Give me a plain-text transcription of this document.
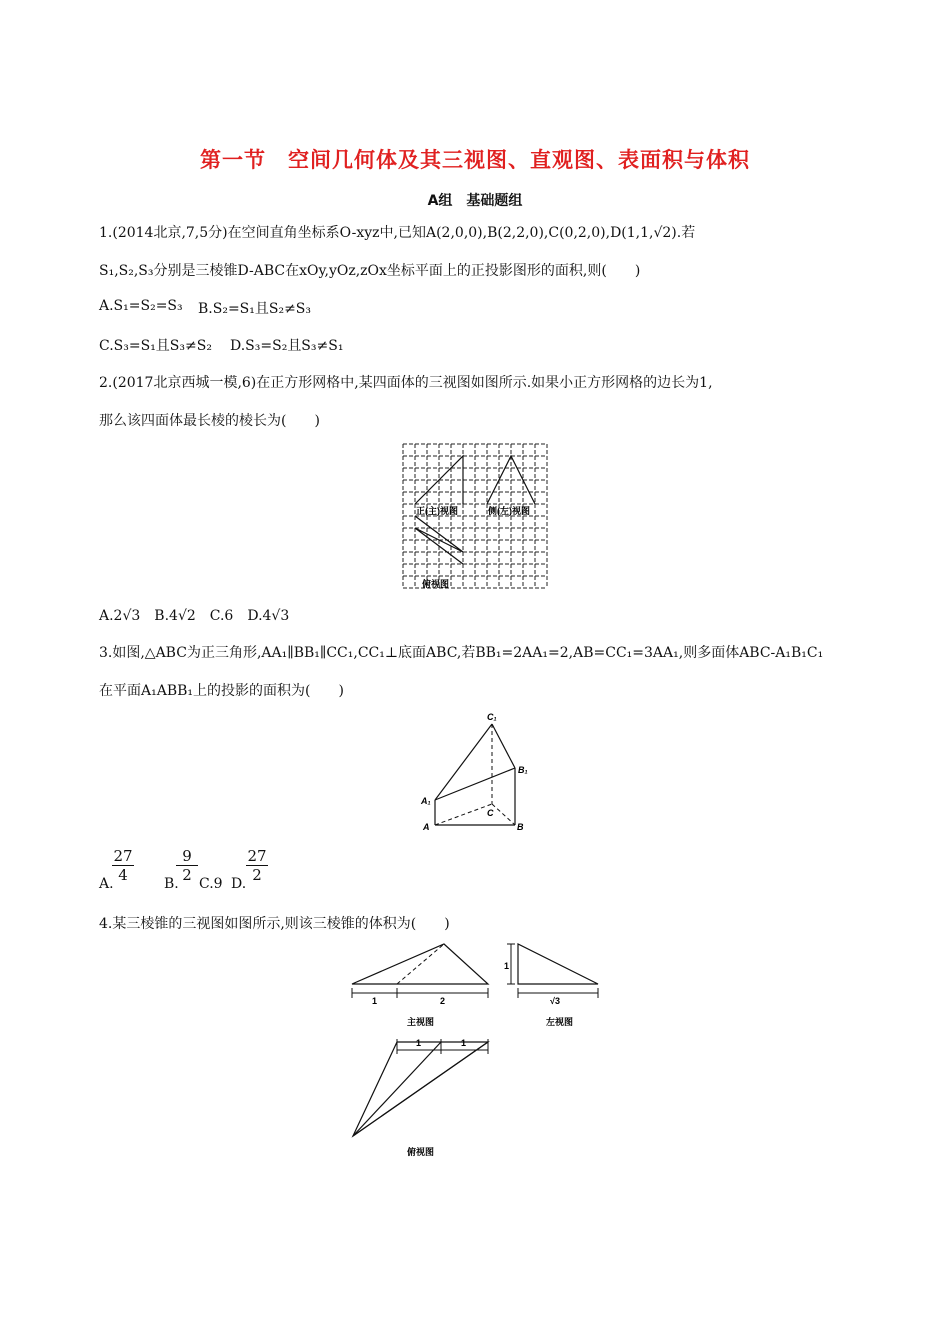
第一节　空间几何体及其三视图、直观图、表面积与体积
A组　基础题组
1.(2014北京,7,5分)在空间直角坐标系O-xyz中,已知A(2,0,0),B(2,2,0),C(0,2,0),D(1,1,√2).若
S₁,S₂,S₃分别是三棱锥D-ABC在xOy,yOz,zOx坐标平面上的正投影图形的面积,则(　　)
A.S₁=S₂=S₃ B.S₂=S₁且S₂≠S₃
C.S₃=S₁且S₃≠S₂ D.S₃=S₂且S₃≠S₁
2.(2017北京西城一模,6)在正方形网格中,某四面体的三视图如图所示.如果小正方形网格的边长为1,
那么该四面体最长棱的棱长为(　　)
正(主)视图	侧(左)视图
俯视图
A.2√3　B.4√2　C.6　D.4√3
3.如图,△ABC为正三角形,AA₁∥BB₁∥CC₁,CC₁⊥底面ABC,若BB₁=2AA₁=2,AB=CC₁=3AA₁,则多面体ABC-A₁B₁C₁
在平面A₁ABB₁上的投影的面积为(　　)
C₁
B₁
A₁
C
A	B
A.
$\frac{27}{4} B$.
$\frac{9}{2} C.9$ D. $\frac{27}{2}$
4.某三棱锥的三视图如图所示,则该三棱锥的体积为(　　)
1	2
主视图
1
√3
左视图
1	1
俯视图
